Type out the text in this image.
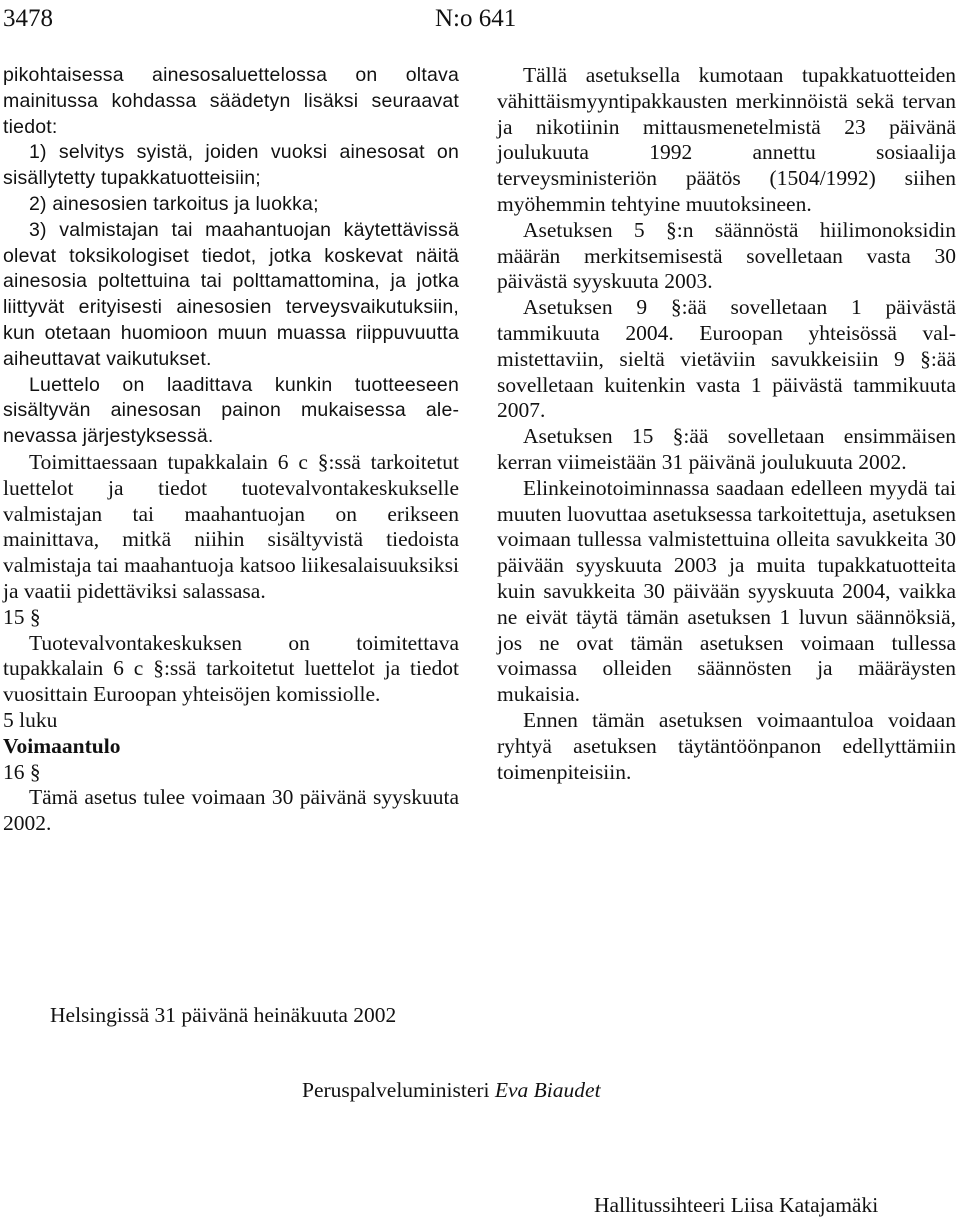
3478	N:o 641

pikohtaisessa ainesosaluettelossa on oltava mainitussa kohdassa säädetyn lisäksi seuraavat tiedot:

1) selvitys syistä, joiden vuoksi ainesosat on sisällytetty tupakkatuotteisiin;

2) ainesosien tarkoitus ja luokka;

3) valmistajan tai maahantuojan käytettävissä olevat toksikologiset tiedot, jotka koskevat näitä ainesosia poltettuina tai polttamattomina, ja jotka liittyvät erityisesti ainesosien terveysvaikutuksiin, kun otetaan huomioon muun muassa riippuvuutta aiheuttavat vaikutukset.

Luettelo on laadittava kunkin tuotteeseen sisältyvän ainesosan painon mukaisessa alenevassa järjestyksessä.

Toimittaessaan tupakkalain 6 c §:ssä tarkoitetut luettelot ja tiedot tuotevalvontakeskukselle valmistajan tai maahantuojan on erikseen mainittava, mitkä niihin sisältyvistä tiedoista valmistaja tai maahantuoja katsoo liikesalaisuuksiksi ja vaatii pidettäviksi salassasa.

15 §

Tuotevalvontakeskuksen on toimitettava tupakkalain 6 c §:ssä tarkoitetut luettelot ja tiedot vuosittain Euroopan yhteisöjen komissiolle.

5 luku

Voimaantulo

16 §

Tämä asetus tulee voimaan 30 päivänä syyskuuta 2002.

Tällä asetuksella kumotaan tupakkatuotteiden vähittäismyyntipakkausten merkinnöistä sekä tervan ja nikotiinin mittausmenetelmistä 23 päivänä joulukuuta 1992 annettu sosiaalija terveysministeriön päätös (1504/1992) siihen myöhemmin tehtyine muutoksineen.

Asetuksen 5 §:n säännöstä hiilimonoksidin määrän merkitsemisestä sovelletaan vasta 30 päivästä syyskuuta 2003.

Asetuksen 9 §:ää sovelletaan 1 päivästä tammikuuta 2004. Euroopan yhteisössä valmistettaviin, sieltä vietäviin savukkeisiin 9 §:ää sovelletaan kuitenkin vasta 1 päivästä tammikuuta 2007.

Asetuksen 15 §:ää sovelletaan ensimmäisen kerran viimeistään 31 päivänä joulukuuta 2002.

Elinkeinotoiminnassa saadaan edelleen myydä tai muuten luovuttaa asetuksessa tarkoitettuja, asetuksen voimaan tullessa valmistettuina olleita savukkeita 30 päivään syyskuuta 2003 ja muita tupakkatuotteita kuin savukkeita 30 päivään syyskuuta 2004, vaikka ne eivät täytä tämän asetuksen 1 luvun säännöksiä, jos ne ovat tämän asetuksen voimaan tullessa voimassa olleiden säännösten ja määräysten mukaisia.

Ennen tämän asetuksen voimaantuloa voidaan ryhtyä asetuksen täytäntöönpanon edellyttämiin toimenpiteisiin.

Helsingissä 31 päivänä heinäkuuta 2002
Peruspalveluministeri Eva Biaudet
Hallitussihteeri Liisa Katajamäki
